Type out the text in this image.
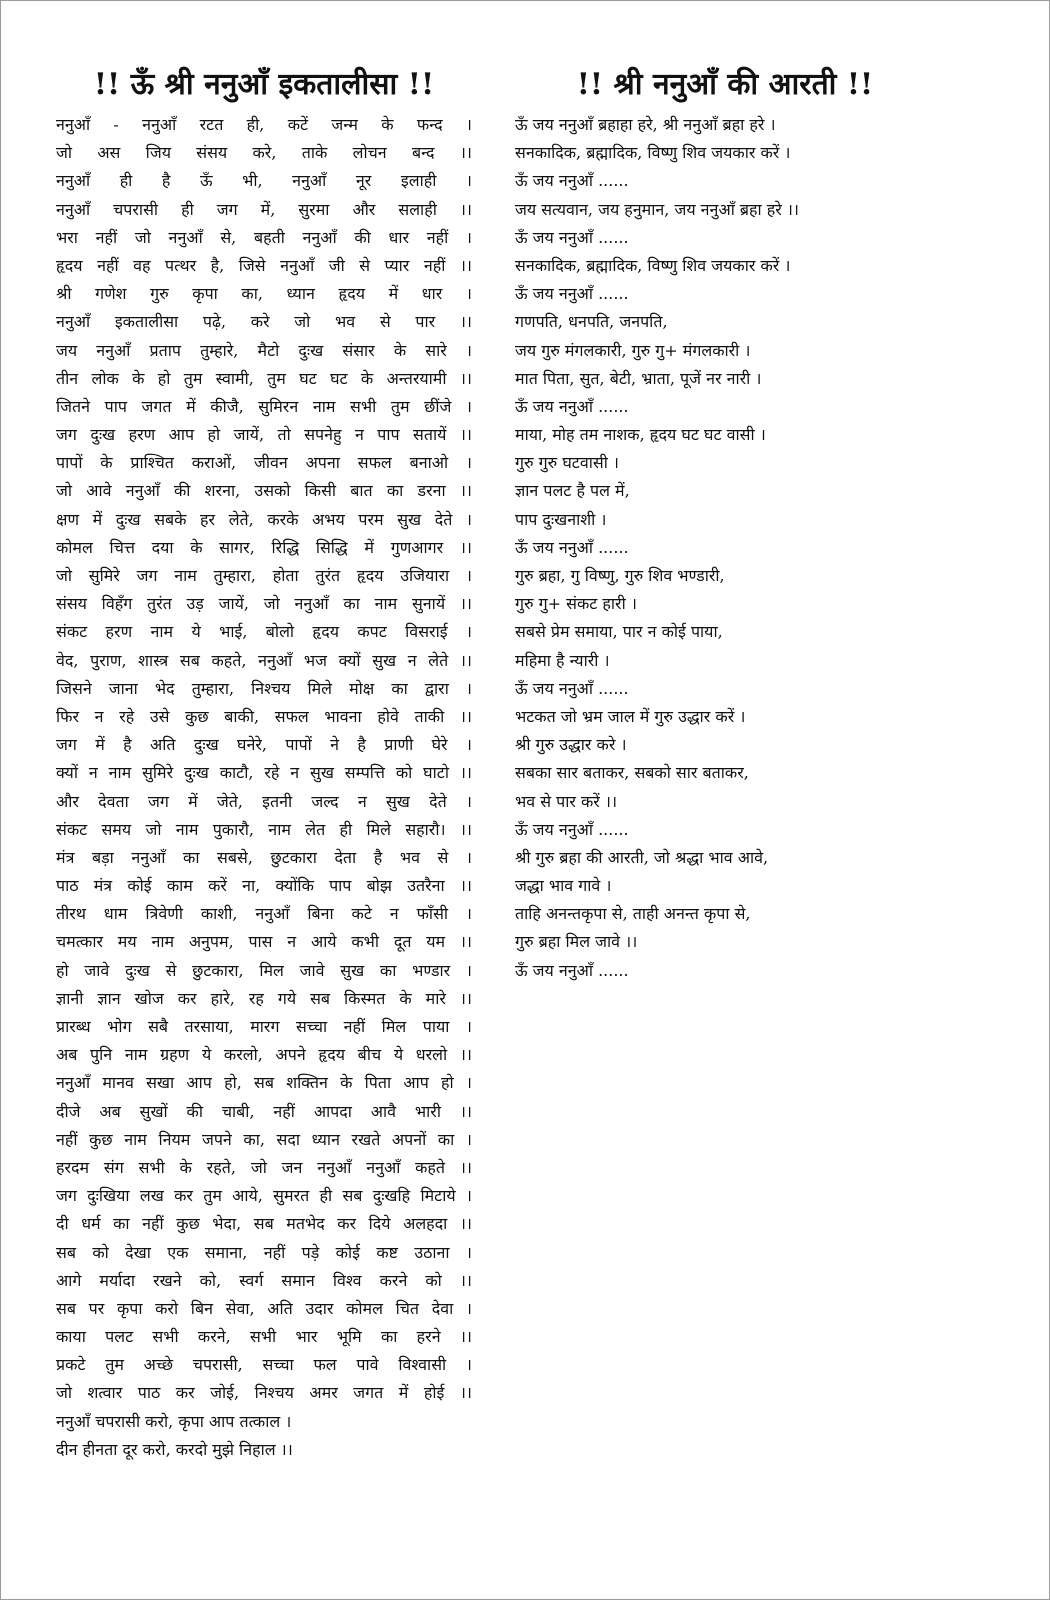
!! ऊँ श्री ननुआँ इकतालीसा !!
ननुआँ - ननुआँ रटत ही, कटें जन्म के फन्द ।
जो अस जिय संसय करे, ताके लोचन बन्द ।।
ननुआँ ही है ऊँ भी, ननुआँ नूर इलाही ।
ननुआँ चपरासी ही जग में, सुरमा और सलाही ।।
भरा नहीं जो ननुआँ से, बहती ननुआँ की धार नहीं ।
हृदय नहीं वह पत्थर है, जिसे ननुआँ जी से प्यार नहीं ।।
श्री गणेश गुरु कृपा का, ध्यान हृदय में धार ।
ननुआँ इकतालीसा पढ़े, करे जो भव से पार ।।
जय ननुआँ प्रताप तुम्हारे, मैटो दुःख संसार के सारे ।
तीन लोक के हो तुम स्वामी, तुम घट घट के अन्तरयामी ।।
जितने पाप जगत में कीजै, सुमिरन नाम सभी तुम छींजे ।
जग दुःख हरण आप हो जायें, तो सपनेहु न पाप सतायें ।।
पापों के प्राश्चित कराओं, जीवन अपना सफल बनाओ ।
जो आवे ननुआँ की शरना, उसको किसी बात का डरना ।।
क्षण में दुःख सबके हर लेते, करके अभय परम सुख देते ।
कोमल चित्त दया के सागर, रिद्धि सिद्धि में गुणआगर ।।
जो सुमिरे जग नाम तुम्हारा, होता तुरंत हृदय उजियारा ।
संसय विहँग तुरंत उड़ जायें, जो ननुआँ का नाम सुनायें ।।
संकट हरण नाम ये भाई, बोलो हृदय कपट विसराई ।
वेद, पुराण, शास्त्र सब कहते, ननुआँ भज क्यों सुख न लेते ।।
जिसने जाना भेद तुम्हारा, निश्चय मिले मोक्ष का द्वारा ।
फिर न रहे उसे कुछ बाकी, सफल भावना होवे ताकी ।।
जग में है अति दुःख घनेरे, पापों ने है प्राणी घेरे ।
क्यों न नाम सुमिरे दुःख काटौ, रहे न सुख सम्पत्ति को घाटो ।।
और देवता जग में जेते, इतनी जल्द न सुख देते ।
संकट समय जो नाम पुकारौ, नाम लेत ही मिले सहारौ। ।।
मंत्र बड़ा ननुआँ का सबसे, छुटकारा देता है भव से ।
पाठ मंत्र कोई काम करें ना, क्योंकि पाप बोझ उतरैना ।।
तीरथ धाम त्रिवेणी काशी, ननुआँ बिना कटे न फाँसी ।
चमत्कार मय नाम अनुपम, पास न आये कभी दूत यम ।।
हो जावे दुःख से छुटकारा, मिल जावे सुख का भण्डार ।
ज्ञानी ज्ञान खोज कर हारे, रह गये सब किस्मत के मारे ।।
प्रारब्ध भोग सबै तरसाया, मारग सच्चा नहीं मिल पाया ।
अब पुनि नाम ग्रहण ये करलो, अपने हृदय बीच ये धरलो ।।
ननुआँ मानव सखा आप हो, सब शक्तिन के पिता आप हो ।
दीजे अब सुखों की चाबी, नहीं आपदा आवै भारी ।।
नहीं कुछ नाम नियम जपने का, सदा ध्यान रखते अपनों का ।
हरदम संग सभी के रहते, जो जन ननुआँ ननुआँ कहते ।।
जग दुःखिया लख कर तुम आये, सुमरत ही सब दुःखहि मिटाये ।
दी धर्म का नहीं कुछ भेदा, सब मतभेद कर दिये अलहदा ।।
सब को देखा एक समाना, नहीं पड़े कोई कष्ट उठाना ।
आगे मर्यादा रखने को, स्वर्ग समान विश्व करने को ।।
सब पर कृपा करो बिन सेवा, अति उदार कोमल चित देवा ।
काया पलट सभी करने, सभी भार भूमि का हरने ।।
प्रकटे तुम अच्छे चपरासी, सच्चा फल पावे विश्वासी ।
जो शत्वार पाठ कर जोई, निश्चय अमर जगत में होई ।।
ननुआँ चपरासी करो, कृपा आप तत्काल ।
दीन हीनता दूर करो, करदो मुझे निहाल ।।
!! श्री ननुआँ की आरती !!
ऊँ जय ननुआँ ब्रहाहा हरे, श्री ननुआँ ब्रहा हरे ।
सनकादिक, ब्रह्मादिक, विष्णु शिव जयकार करें ।
ऊँ जय ननुआँ ......
जय सत्यवान, जय हनुमान, जय ननुआँ ब्रहा हरे ।।
ऊँ जय ननुआँ ......
सनकादिक, ब्रह्मादिक, विष्णु शिव जयकार करें ।
ऊँ जय ननुआँ ......
गणपति, धनपति, जनपति,
जय गुरु मंगलकारी, गुरु गु+ मंगलकारी ।
मात पिता, सुत, बेटी, भ्राता, पूजें नर नारी ।
ऊँ जय ननुआँ ......
माया, मोह तम नाशक, हृदय घट घट वासी ।
गुरु गुरु घटवासी ।
ज्ञान पलट है पल में,
पाप दुःखनाशी ।
ऊँ जय ननुआँ ......
गुरु ब्रहा, गु विष्णु, गुरु शिव भण्डारी,
गुरु गु+ संकट हारी ।
सबसे प्रेम समाया, पार न कोई पाया,
महिमा है न्यारी ।
ऊँ जय ननुआँ ......
भटकत जो भ्रम जाल में गुरु उद्धार करें ।
श्री गुरु उद्धार करे ।
सबका सार बताकर, सबको सार बताकर,
भव से पार करें ।।
ऊँ जय ननुआँ ......
श्री गुरु ब्रहा की आरती, जो श्रद्धा भाव आवे,
जद्धा भाव गावे ।
ताहि अनन्तकृपा से, ताही अनन्त कृपा से,
गुरु ब्रहा मिल जावे ।।
ऊँ जय ननुआँ ......
